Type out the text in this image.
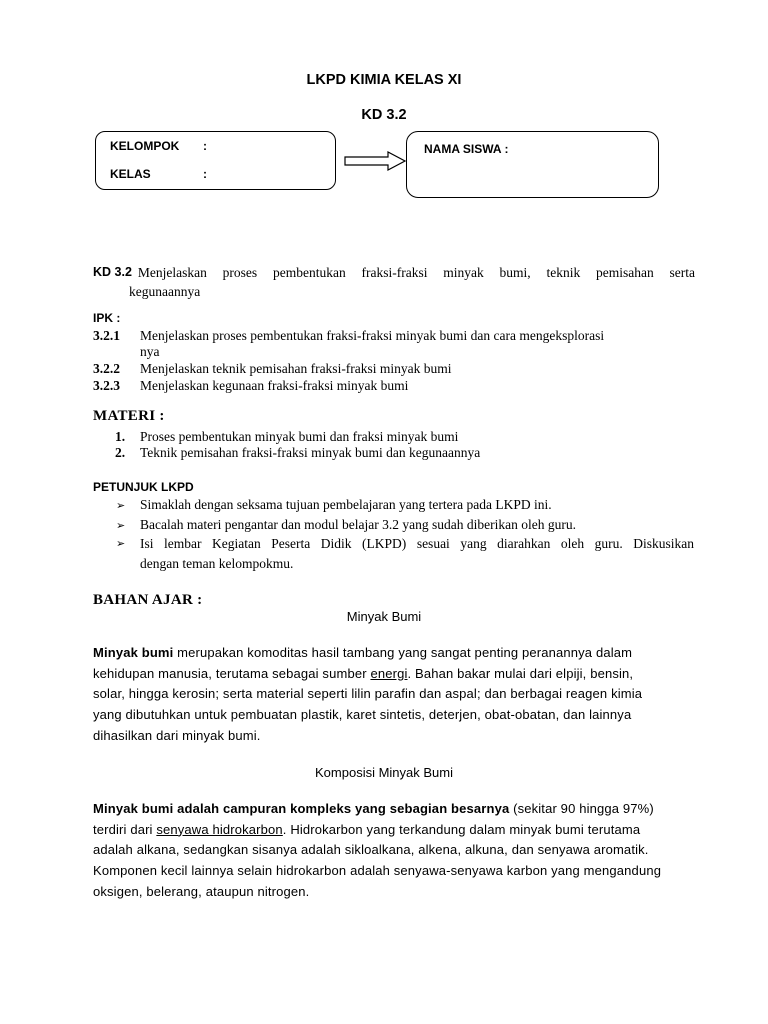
LKPD KIMIA KELAS XI
KD 3.2
KELOMPOK :
KELAS	:
NAMA SISWA :
KD 3.2 Menjelaskan proses pembentukan fraksi-fraksi minyak bumi, teknik pemisahan serta
kegunaannya
IPK :
3.2.1 Menjelaskan proses pembentukan fraksi-fraksi minyak bumi dan cara mengeksplorasi
nya
3.2.2 Menjelaskan teknik pemisahan fraksi-fraksi minyak bumi
3.2.3 Menjelaskan kegunaan fraksi-fraksi minyak bumi
MATERI :
1. Proses pembentukan minyak bumi dan fraksi minyak bumi
2. Teknik pemisahan fraksi-fraksi minyak bumi dan kegunaannya
PETUNJUK LKPD
➢ Simaklah dengan seksama tujuan pembelajaran yang tertera pada LKPD ini.
➢ Bacalah materi pengantar dan modul belajar 3.2 yang sudah diberikan oleh guru.
➢	Isi lembar Kegiatan Peserta Didik (LKPD) sesuai yang diarahkan oleh guru. Diskusikan
dengan teman kelompokmu.
BAHAN AJAR :
Minyak Bumi
Minyak bumi merupakan komoditas hasil tambang yang sangat penting peranannya dalam
kehidupan manusia, terutama sebagai sumber energi. Bahan bakar mulai dari elpiji, bensin,
solar, hingga kerosin; serta material seperti lilin parafin dan aspal; dan berbagai reagen kimia
yang dibutuhkan untuk pembuatan plastik, karet sintetis, deterjen, obat-obatan, dan lainnya
dihasilkan dari minyak bumi.
Komposisi Minyak Bumi
Minyak bumi adalah campuran kompleks yang sebagian besarnya (sekitar 90 hingga 97%)
terdiri dari senyawa hidrokarbon. Hidrokarbon yang terkandung dalam minyak bumi terutama
adalah alkana, sedangkan sisanya adalah sikloalkana, alkena, alkuna, dan senyawa aromatik.
Komponen kecil lainnya selain hidrokarbon adalah senyawa-senyawa karbon yang mengandung
oksigen, belerang, ataupun nitrogen.
